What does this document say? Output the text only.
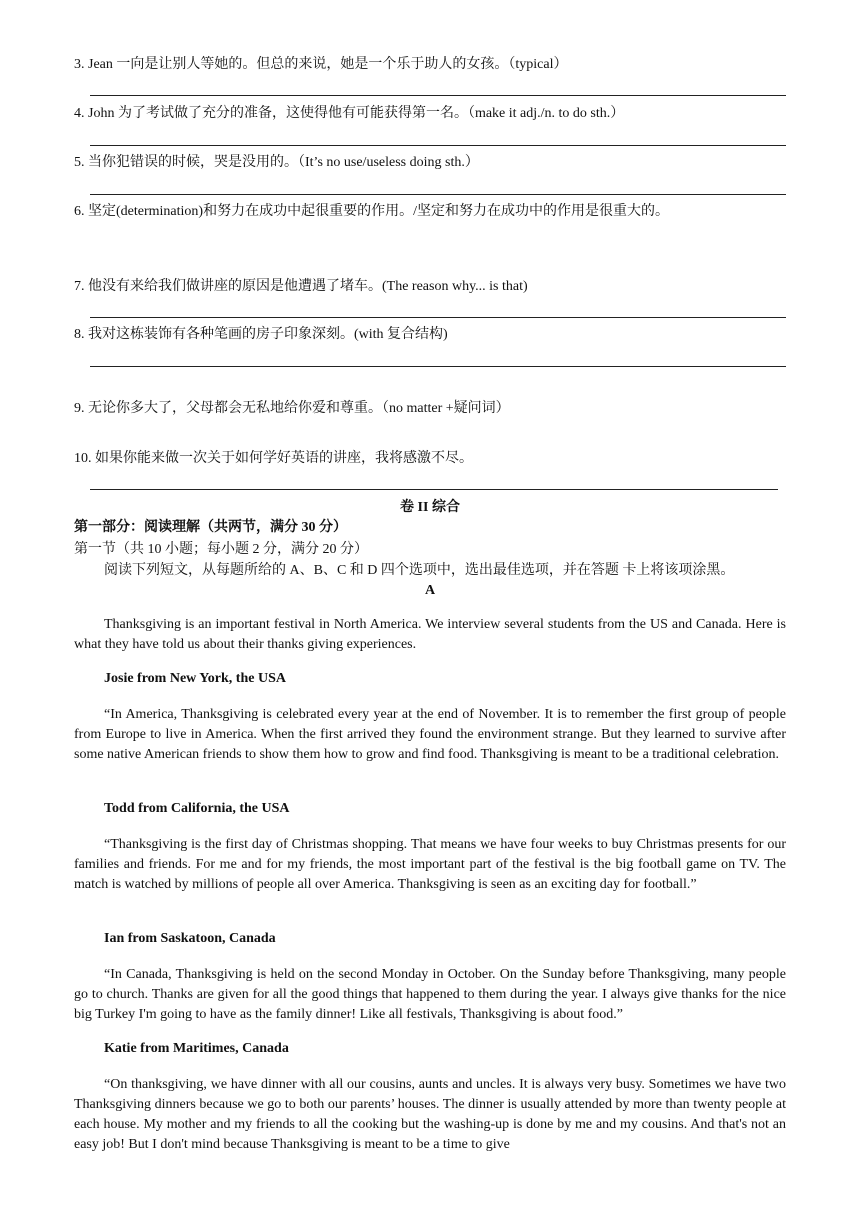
3. Jean 一向是让别人等她的。但总的来说，她是一个乐于助人的女孩。（typical）
4. John 为了考试做了充分的准备，这使得他有可能获得第一名。（make it adj./n. to do sth.）
5. 当你犯错误的时候，哭是没用的。（It’s no use/useless doing sth.）
6. 坚定(determination)和努力在成功中起很重要的作用。/坚定和努力在成功中的作用是很重大的。
7. 他没有来给我们做讲座的原因是他遭遇了堵车。(The reason why... is that)
8. 我对这栋装饰有各种笔画的房子印象深刻。(with 复合结构)
9. 无论你多大了，父母都会无私地给你爱和尊重。（no matter +疑问词）
10. 如果你能来做一次关于如何学好英语的讲座，我将感激不尽。
卷 II 综合
第一部分：阅读理解（共两节，满分 30 分）
第一节（共 10 小题；每小题 2 分，满分 20 分）
阅读下列短文，从每题所给的 A、B、C 和 D 四个选项中，选出最佳选项，并在答题 卡上将该项涂黑。
A
Thanksgiving is an important festival in North America. We interview several students from the US and Canada. Here is what they have told us about their thanks giving experiences.
Josie from New York, the USA
“In America, Thanksgiving is celebrated every year at the end of November. It is to remember the first group of people from Europe to live in America. When the first arrived they found the environment strange. But they learned to survive after some native American friends to show them how to grow and find food. Thanksgiving is meant to be a traditional celebration.
Todd from California, the USA
“Thanksgiving is the first day of Christmas shopping. That means we have four weeks to buy Christmas presents for our families and friends. For me and for my friends, the most important part of the festival is the big football game on TV. The match is watched by millions of people all over America. Thanksgiving is seen as an exciting day for football.”
Ian from Saskatoon, Canada
“In Canada, Thanksgiving is held on the second Monday in October. On the Sunday before Thanksgiving, many people go to church. Thanks are given for all the good things that happened to them during the year. I always give thanks for the nice big Turkey I'm going to have as the family dinner! Like all festivals, Thanksgiving is about food.”
Katie from Maritimes, Canada
“On thanksgiving, we have dinner with all our cousins, aunts and uncles. It is always very busy. Sometimes we have two Thanksgiving dinners because we go to both our parents’ houses. The dinner is usually attended by more than twenty people at each house. My mother and my friends to all the cooking but the washing-up is done by me and my cousins. And that's not an easy job! But I don't mind because Thanksgiving is meant to be a time to give
